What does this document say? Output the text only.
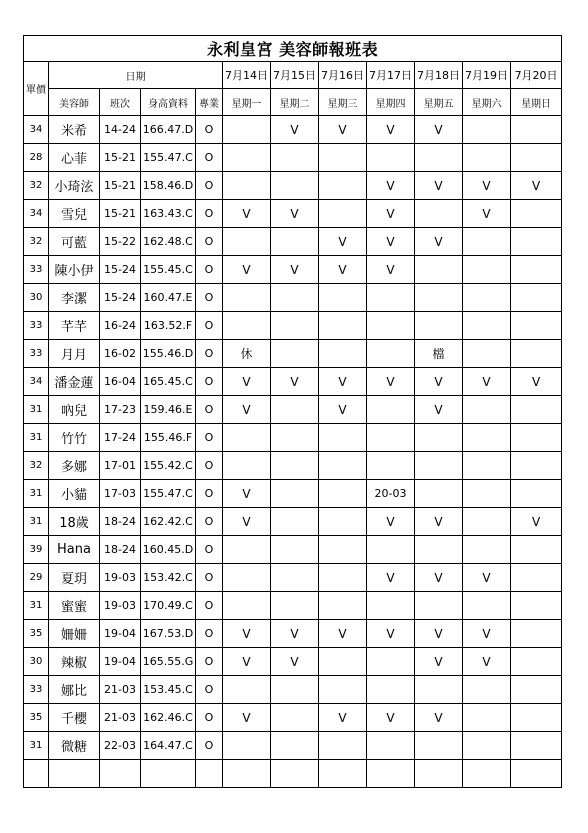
永利皇宮 美容師報班表											
單價	日期				7月14日	7月15日	7月16日	7月17日	7月18日	7月19日	7月20日
	美容師	班次	身高資料	專業	星期一	星期二	星期三	星期四	星期五	星期六	星期日
34	米希	14-24	166.47.D	O		V	V	V	V		
28	心菲	15-21	155.47.C	O							
32	小琦泫	15-21	158.46.D	O				V	V	V	V
34	雪兒	15-21	163.43.C	O	V	V		V		V	
32	可藍	15-22	162.48.C	O			V	V	V		
33	陳小伊	15-24	155.45.C	O	V	V	V	V			
30	李潔	15-24	160.47.E	O							
33	芊芊	16-24	163.52.F	O							
33	月月	16-02	155.46.D	O	休				檔		
34	潘金蓮	16-04	165.45.C	O	V	V	V	V	V	V	V
31	吶兒	17-23	159.46.E	O	V		V		V		
31	竹竹	17-24	155.46.F	O							
32	多娜	17-01	155.42.C	O							
31	小貓	17-03	155.47.C	O	V			20-03			
31	18歲	18-24	162.42.C	O	V			V	V		V
39	Hana	18-24	160.45.D	O							
29	夏玥	19-03	153.42.C	O				V	V	V	
31	蜜蜜	19-03	170.49.C	O							
35	姍姍	19-04	167.53.D	O	V	V	V	V	V	V	
30	辣椒	19-04	165.55.G	O	V	V			V	V	
33	娜比	21-03	153.45.C	O							
35	千櫻	21-03	162.46.C	O	V		V	V	V		
31	微糖	22-03	164.47.C	O							
